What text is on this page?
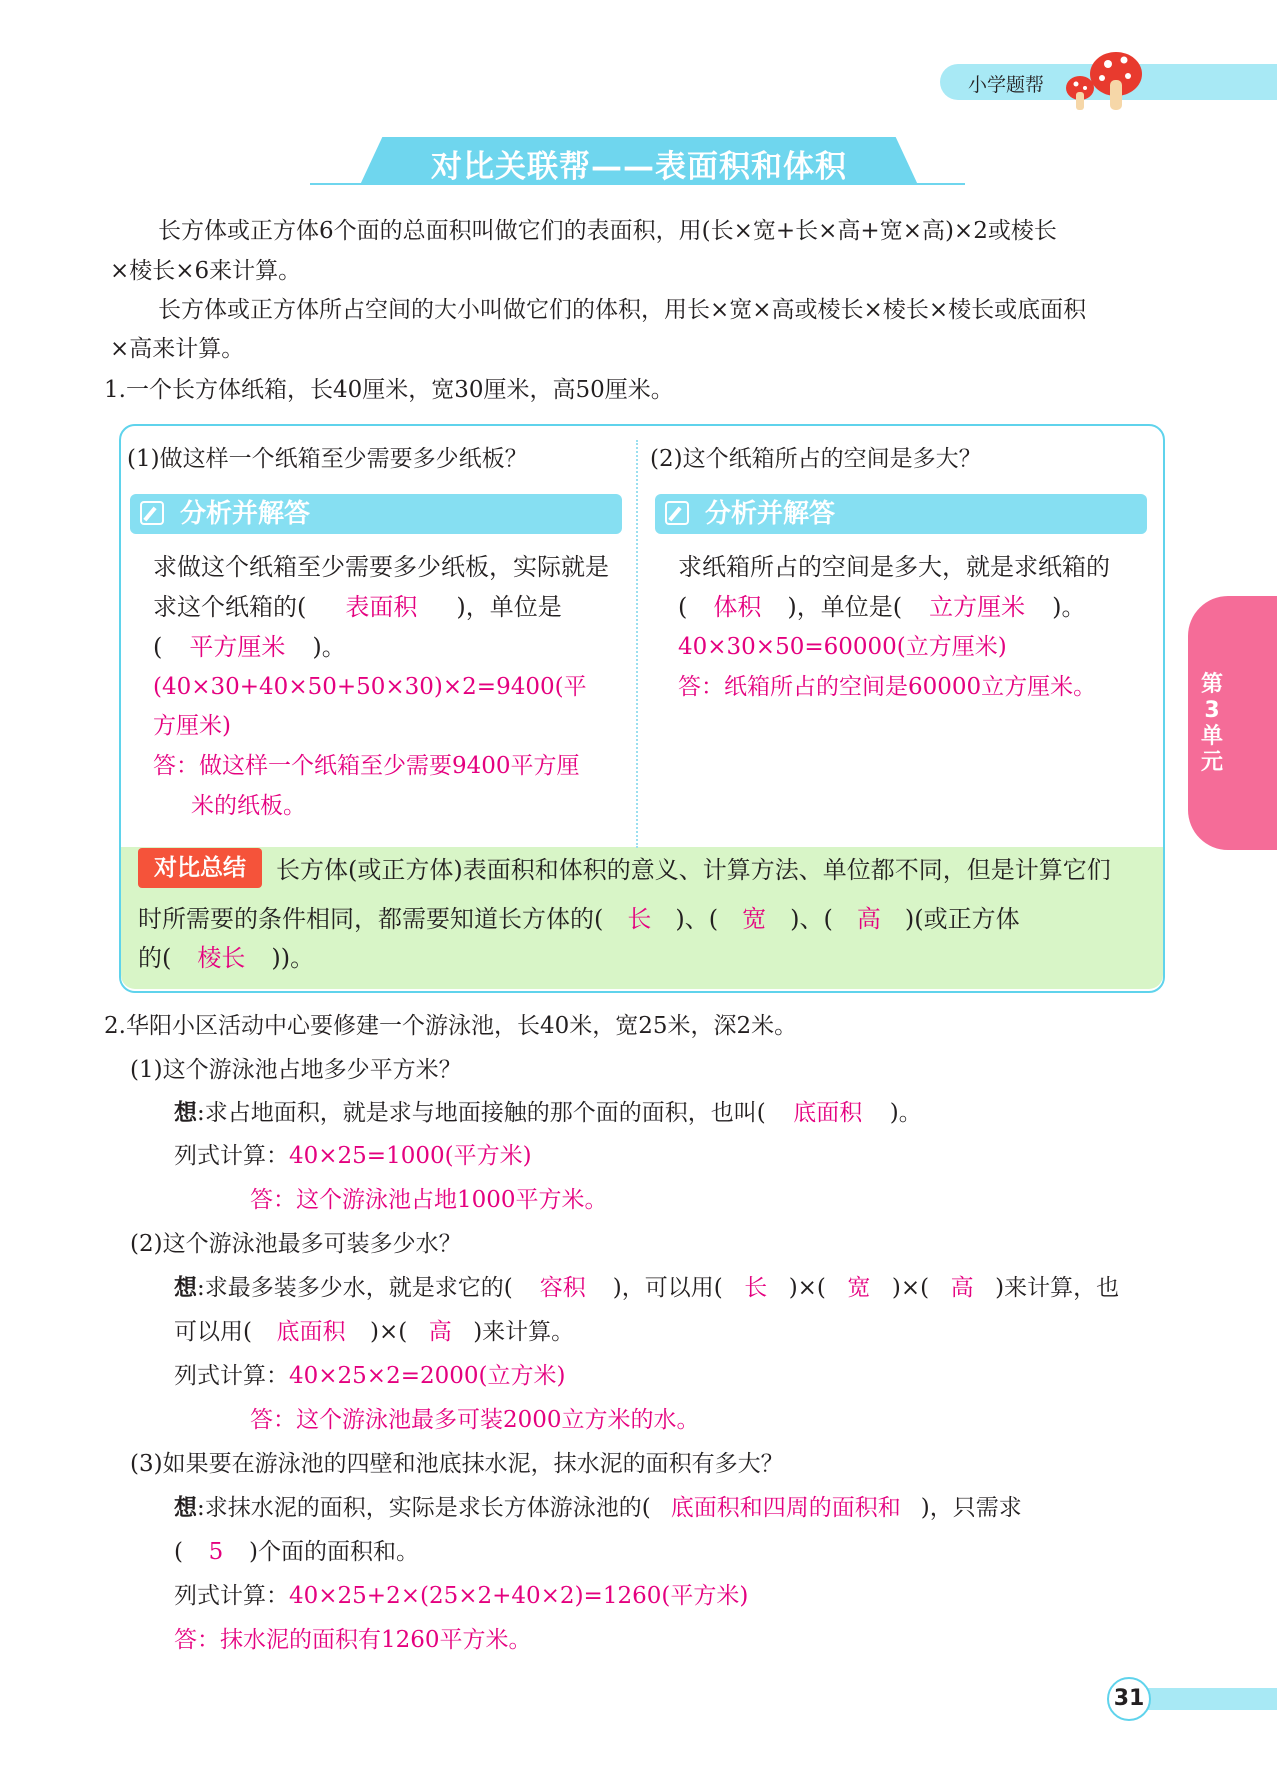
小学题帮
对比关联帮——表面积和体积
长方体或正方体6个面的总面积叫做它们的表面积，用(长×宽+长×高+宽×高)×2或棱长
×棱长×6来计算。
长方体或正方体所占空间的大小叫做它们的体积，用长×宽×高或棱长×棱长×棱长或底面积
×高来计算。
1.一个长方体纸箱，长40厘米，宽30厘米，高50厘米。
(1)做这样一个纸箱至少需要多少纸板？
分析并解答
求做这个纸箱至少需要多少纸板，实际就是
求这个纸箱的( 表面积 )，单位是
( 平方厘米 )。
(40×30+40×50+50×30)×2=9400(平
方厘米)
答：做这样一个纸箱至少需要9400平方厘
米的纸板。
(2)这个纸箱所占的空间是多大？
分析并解答
求纸箱所占的空间是多大，就是求纸箱的
( 体积 )，单位是( 立方厘米 )。
40×30×50=60000(立方厘米)
答：纸箱所占的空间是60000立方厘米。
对比总结	长方体(或正方体)表面积和体积的意义、计算方法、单位都不同，但是计算它们
时所需要的条件相同，都需要知道长方体的( 长 )、( 宽 )、( 高 )(或正方体
的( 棱长 ))。
2.华阳小区活动中心要修建一个游泳池，长40米，宽25米，深2米。
(1)这个游泳池占地多少平方米？
想:求占地面积，就是求与地面接触的那个面的面积，也叫( 底面积 )。
列式计算：40×25=1000(平方米)
答：这个游泳池占地1000平方米。
(2)这个游泳池最多可装多少水？
想:求最多装多少水，就是求它的( 容积 )，可以用( 长 )×( 宽 )×( 高 )来计算，也
可以用( 底面积 )×( 高 )来计算。
列式计算：40×25×2=2000(立方米)
答：这个游泳池最多可装2000立方米的水。
(3)如果要在游泳池的四壁和池底抹水泥，抹水泥的面积有多大？
想:求抹水泥的面积，实际是求长方体游泳池的( 底面积和四周的面积和 )，只需求
( 5 )个面的面积和。
列式计算：40×25+2×(25×2+40×2)=1260(平方米)
答：抹水泥的面积有1260平方米。
第3单元
31
